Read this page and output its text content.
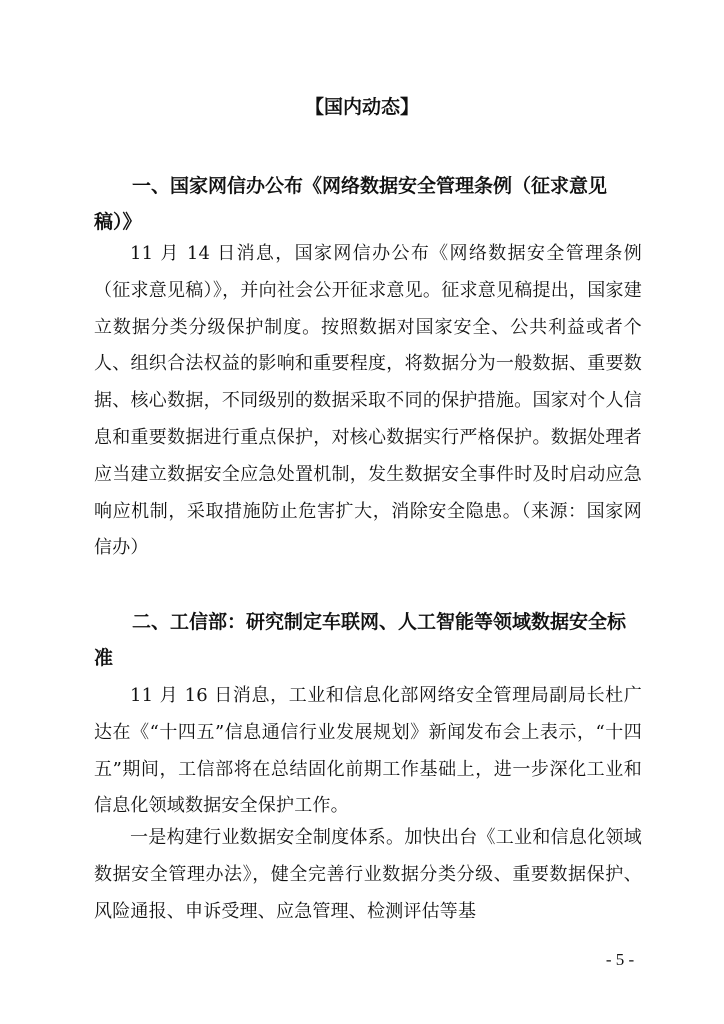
【国内动态】
一、国家网信办公布《网络数据安全管理条例（征求意见稿）》
11 月 14 日消息，国家网信办公布《网络数据安全管理条例（征求意见稿）》，并向社会公开征求意见。征求意见稿提出，国家建立数据分类分级保护制度。按照数据对国家安全、公共利益或者个人、组织合法权益的影响和重要程度，将数据分为一般数据、重要数据、核心数据，不同级别的数据采取不同的保护措施。国家对个人信息和重要数据进行重点保护，对核心数据实行严格保护。数据处理者应当建立数据安全应急处置机制，发生数据安全事件时及时启动应急响应机制，采取措施防止危害扩大，消除安全隐患。（来源：国家网信办）
二、工信部：研究制定车联网、人工智能等领域数据安全标准
11 月 16 日消息，工业和信息化部网络安全管理局副局长杜广达在《“十四五”信息通信行业发展规划》新闻发布会上表示，“十四五”期间，工信部将在总结固化前期工作基础上，进一步深化工业和信息化领域数据安全保护工作。
一是构建行业数据安全制度体系。加快出台《工业和信息化领域数据安全管理办法》，健全完善行业数据分类分级、重要数据保护、风险通报、申诉受理、应急管理、检测评估等基
- 5 -
